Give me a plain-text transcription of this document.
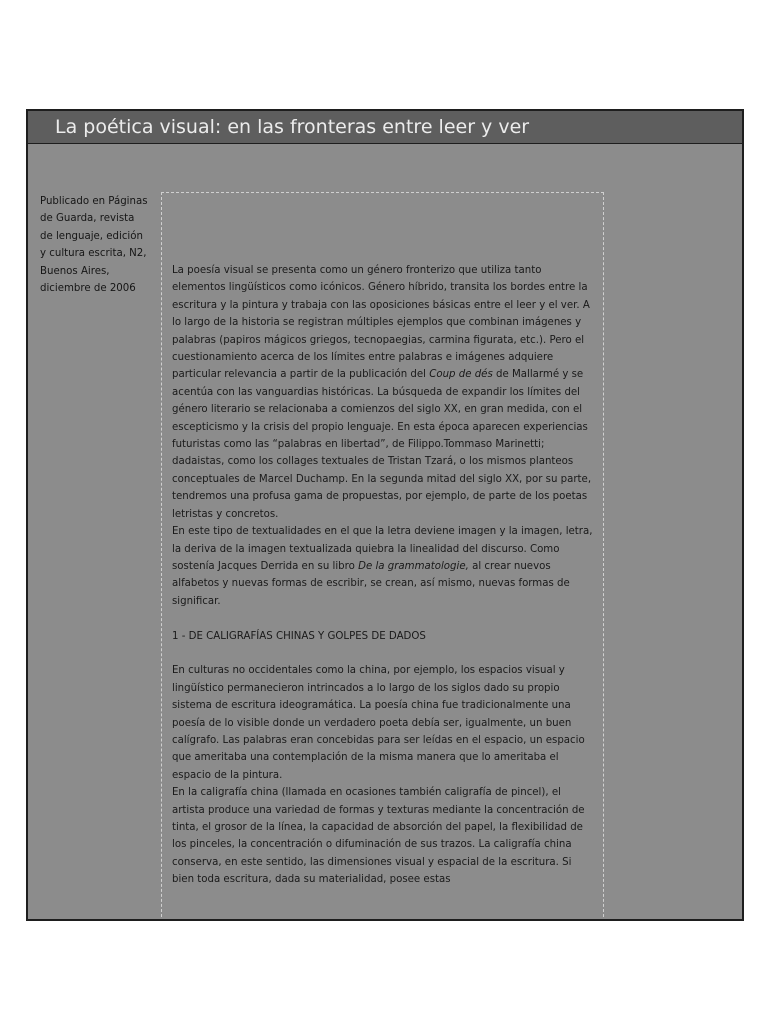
La poética visual: en las fronteras entre leer y ver

Publicado en Páginas de Guarda, revista de lenguaje, edición y cultura escrita, N2, Buenos Aires, diciembre de 2006

La poesía visual se presenta como un género fronterizo que utiliza tanto elementos lingüísticos como icónicos. Género híbrido, transita los bordes entre la escritura y la pintura y trabaja con las oposiciones básicas entre el leer y el ver. A lo largo de la historia se registran múltiples ejemplos que combinan imágenes y palabras (papiros mágicos griegos, tecnopaegias, carmina figurata, etc.). Pero el cuestionamiento acerca de los límites entre palabras e imágenes adquiere particular relevancia a partir de la publicación del Coup de dés de Mallarmé y se acentúa con las vanguardias históricas. La búsqueda de expandir los límites del género literario se relacionaba a comienzos del siglo XX, en gran medida, con el escepticismo y la crisis del propio lenguaje. En esta época aparecen experiencias futuristas como las “palabras en libertad”, de Filippo.Tommaso Marinetti; dadaistas, como los collages textuales de Tristan Tzará, o los mismos planteos conceptuales de Marcel Duchamp. En la segunda mitad del siglo XX, por su parte, tendremos una profusa gama de propuestas, por ejemplo, de parte de los poetas letristas y concretos.

En este tipo de textualidades en el que la letra deviene imagen y la imagen, letra, la deriva de la imagen textualizada quiebra la linealidad del discurso. Como sostenía Jacques Derrida en su libro De la grammatologie, al crear nuevos alfabetos y nuevas formas de escribir, se crean, así mismo, nuevas formas de significar.

1 - DE CALIGRAFÍAS CHINAS Y GOLPES DE DADOS

En culturas no occidentales como la china, por ejemplo, los espacios visual y lingüístico permanecieron intrincados a lo largo de los siglos dado su propio sistema de escritura ideogramática. La poesía china fue tradicionalmente una poesía de lo visible donde un verdadero poeta debía ser, igualmente, un buen calígrafo. Las palabras eran concebidas para ser leídas en el espacio, un espacio que ameritaba una contemplación de la misma manera que lo ameritaba el espacio de la pintura.

En la caligrafía china (llamada en ocasiones también caligrafía de pincel), el artista produce una variedad de formas y texturas mediante la concentración de tinta, el grosor de la línea, la capacidad de absorción del papel, la flexibilidad de los pinceles, la concentración o difuminación de sus trazos. La caligrafía china conserva, en este sentido, las dimensiones visual y espacial de la escritura. Si bien toda escritura, dada su materialidad, posee estas
